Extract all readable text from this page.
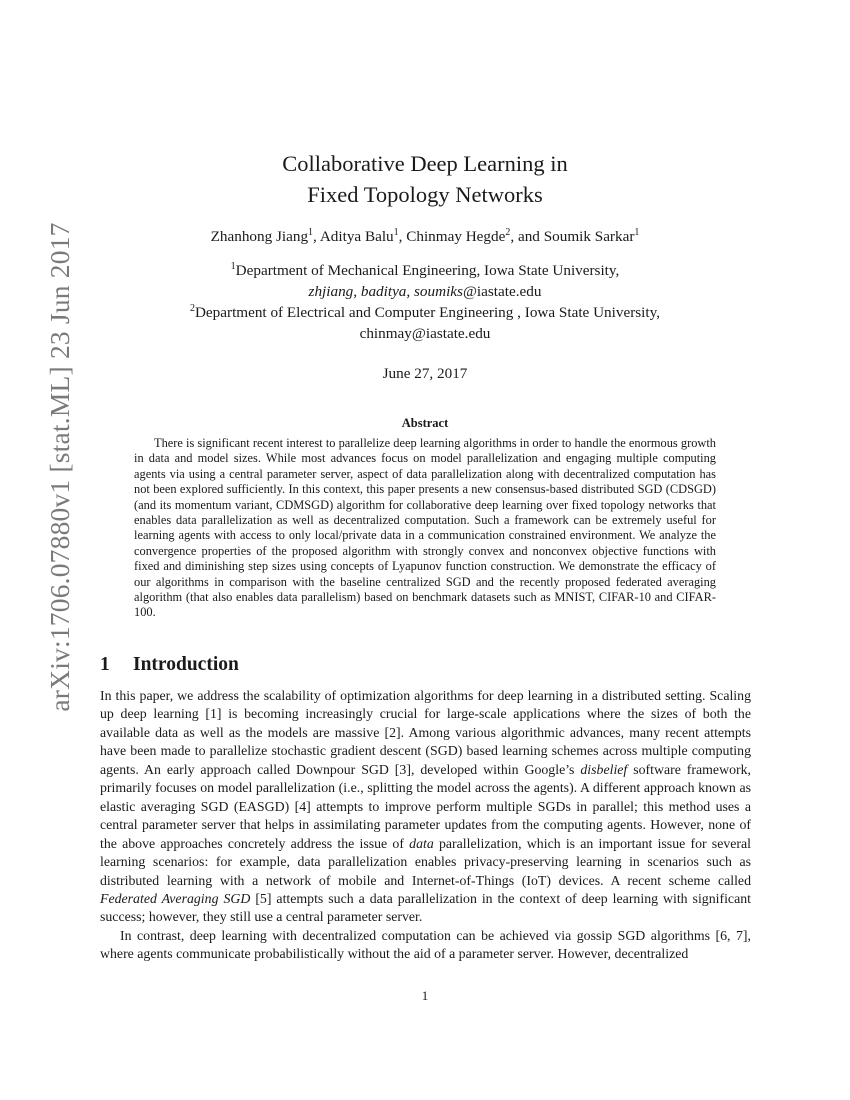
arXiv:1706.07880v1 [stat.ML] 23 Jun 2017
Collaborative Deep Learning in
Fixed Topology Networks
Zhanhong Jiang$^1$, Aditya Balu$^1$, Chinmay Hegde$^2$, and Soumik Sarkar$^1$
$^1$Department of Mechanical Engineering, Iowa State University,
zhjiang, baditya, soumiks@iastate.edu
$^2$Department of Electrical and Computer Engineering , Iowa State University,
chinmay@iastate.edu
June 27, 2017
Abstract
There is significant recent interest to parallelize deep learning algorithms in order to handle the enormous growth in data and model sizes. While most advances focus on model parallelization and engaging multiple computing agents via using a central parameter server, aspect of data parallelization along with decentralized computation has not been explored sufficiently. In this context, this paper presents a new consensus-based distributed SGD (CDSGD) (and its momentum variant, CDMSGD) algorithm for collaborative deep learning over fixed topology networks that enables data parallelization as well as decentralized computation. Such a framework can be extremely useful for learning agents with access to only local/private data in a communication constrained environment. We analyze the convergence properties of the proposed algorithm with strongly convex and nonconvex objective functions with fixed and diminishing step sizes using concepts of Lyapunov function construction. We demonstrate the efficacy of our algorithms in comparison with the baseline centralized SGD and the recently proposed federated averaging algorithm (that also enables data parallelism) based on benchmark datasets such as MNIST, CIFAR-10 and CIFAR-100.
1 Introduction

In this paper, we address the scalability of optimization algorithms for deep learning in a distributed setting. Scaling up deep learning [1] is becoming increasingly crucial for large-scale applications where the sizes of both the available data as well as the models are massive [2]. Among various algorithmic advances, many recent attempts have been made to parallelize stochastic gradient descent (SGD) based learning schemes across multiple computing agents. An early approach called Downpour SGD [3], developed within Google’s disbelief software framework, primarily focuses on model parallelization (i.e., splitting the model across the agents). A different approach known as elastic averaging SGD (EASGD) [4] attempts to improve perform multiple SGDs in parallel; this method uses a central parameter server that helps in assimilating parameter updates from the computing agents. However, none of the above approaches concretely address the issue of data parallelization, which is an important issue for several learning scenarios: for example, data parallelization enables privacy-preserving learning in scenarios such as distributed learning with a network of mobile and Internet-of-Things (IoT) devices. A recent scheme called Federated Averaging SGD [5] attempts such a data parallelization in the context of deep learning with significant success; however, they still use a central parameter server.

In contrast, deep learning with decentralized computation can be achieved via gossip SGD algorithms [6, 7], where agents communicate probabilistically without the aid of a parameter server. However, decentralized

1
